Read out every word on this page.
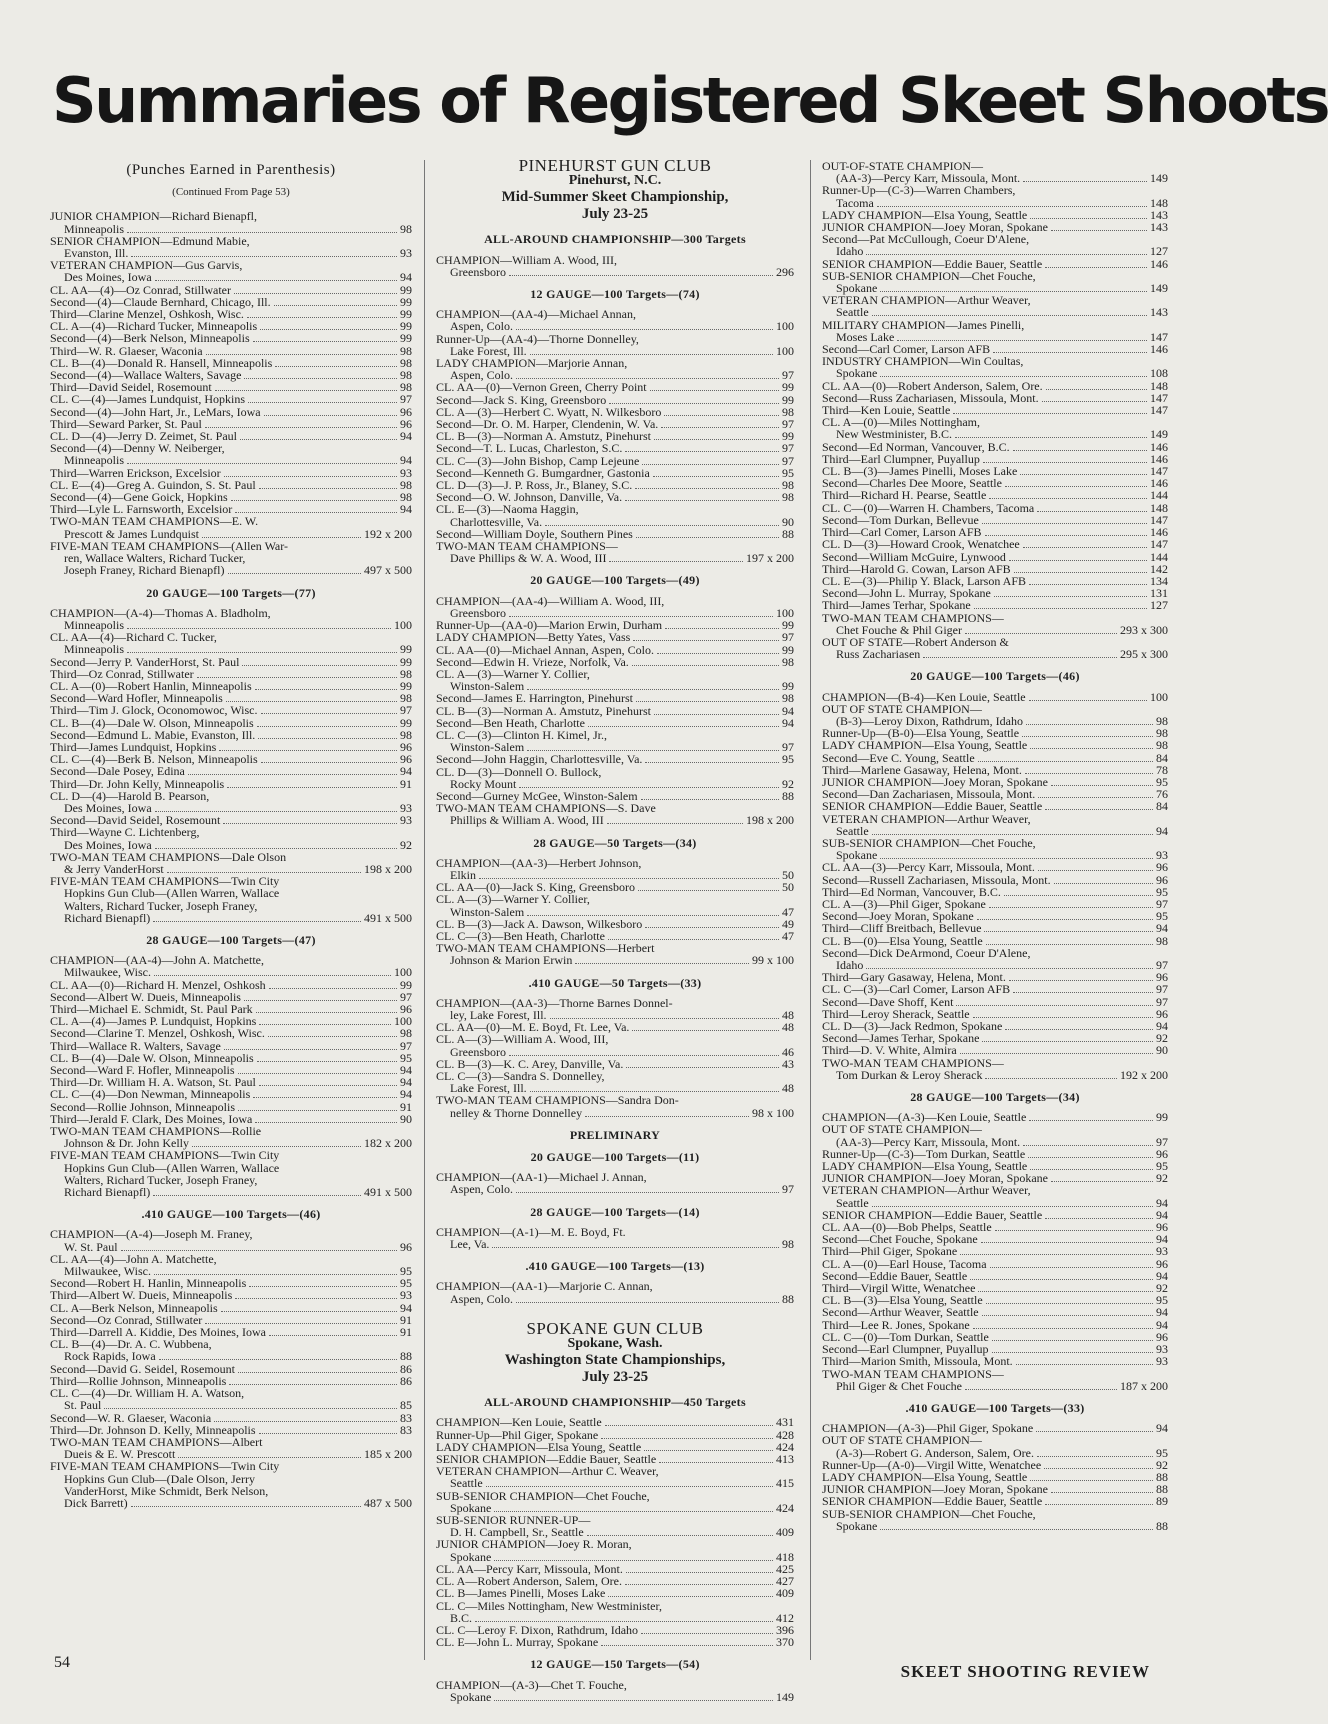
Summaries of Registered Skeet Shoots
(Punches Earned in Parenthesis)
(Continued From Page 53)
JUNIOR CHAMPION—Richard Bienapfl,
Minneapolis	98
SENIOR CHAMPION—Edmund Mabie,
Evanston, Ill.	93
VETERAN CHAMPION—Gus Garvis,
Des Moines, Iowa	94
CL. AA—(4)—Oz Conrad, Stillwater	99
Second—(4)—Claude Bernhard, Chicago, Ill.	99
Third—Clarine Menzel, Oshkosh, Wisc.	99
CL. A—(4)—Richard Tucker, Minneapolis	99
Second—(4)—Berk Nelson, Minneapolis	99
Third—W. R. Glaeser, Waconia	98
CL. B—(4)—Donald R. Hansell, Minneapolis	98
Second—(4)—Wallace Walters, Savage	98
Third—David Seidel, Rosemount	98
CL. C—(4)—James Lundquist, Hopkins	97
Second—(4)—John Hart, Jr., LeMars, Iowa	96
Third—Seward Parker, St. Paul	96
CL. D—(4)—Jerry D. Zeimet, St. Paul	94
Second—(4)—Denny W. Neiberger,
Minneapolis	94
Third—Warren Erickson, Excelsior	93
CL. E—(4)—Greg A. Guindon, S. St. Paul	98
Second—(4)—Gene Goick, Hopkins	98
Third—Lyle L. Farnsworth, Excelsior	94
TWO-MAN TEAM CHAMPIONS—E. W.
Prescott & James Lundquist	192 x 200
FIVE-MAN TEAM CHAMPIONS—(Allen War-
ren, Wallace Walters, Richard Tucker,
Joseph Franey, Richard Bienapfl)	497 x 500
20 GAUGE—100 Targets—(77)
CHAMPION—(A-4)—Thomas A. Bladholm,
Minneapolis	100
CL. AA—(4)—Richard C. Tucker,
Minneapolis	99
Second—Jerry P. VanderHorst, St. Paul	99
Third—Oz Conrad, Stillwater	98
CL. A—(0)—Robert Hanlin, Minneapolis	99
Second—Ward Hofler, Minneapolis	98
Third—Tim J. Glock, Oconomowoc, Wisc.	97
CL. B—(4)—Dale W. Olson, Minneapolis	99
Second—Edmund L. Mabie, Evanston, Ill.	98
Third—James Lundquist, Hopkins	96
CL. C—(4)—Berk B. Nelson, Minneapolis	96
Second—Dale Posey, Edina	94
Third—Dr. John Kelly, Minneapolis	91
CL. D—(4)—Harold B. Pearson,
Des Moines, Iowa	93
Second—David Seidel, Rosemount	93
Third—Wayne C. Lichtenberg,
Des Moines, Iowa	92
TWO-MAN TEAM CHAMPIONS—Dale Olson
& Jerry VanderHorst	198 x 200
FIVE-MAN TEAM CHAMPIONS—Twin City
Hopkins Gun Club—(Allen Warren, Wallace
Walters, Richard Tucker, Joseph Franey,
Richard Bienapfl)	491 x 500
28 GAUGE—100 Targets—(47)
CHAMPION—(AA-4)—John A. Matchette,
Milwaukee, Wisc.	100
CL. AA—(0)—Richard H. Menzel, Oshkosh	99
Second—Albert W. Dueis, Minneapolis	97
Third—Michael E. Schmidt, St. Paul Park	96
CL. A—(4)—James P. Lundquist, Hopkins	100
Second—Clarine T. Menzel, Oshkosh, Wisc.	98
Third—Wallace R. Walters, Savage	97
CL. B—(4)—Dale W. Olson, Minneapolis	95
Second—Ward F. Hofler, Minneapolis	94
Third—Dr. William H. A. Watson, St. Paul	94
CL. C—(4)—Don Newman, Minneapolis	94
Second—Rollie Johnson, Minneapolis	91
Third—Jerald F. Clark, Des Moines, Iowa	90
TWO-MAN TEAM CHAMPIONS—Rollie
Johnson & Dr. John Kelly	182 x 200
FIVE-MAN TEAM CHAMPIONS—Twin City
Hopkins Gun Club—(Allen Warren, Wallace
Walters, Richard Tucker, Joseph Franey,
Richard Bienapfl)	491 x 500
.410 GAUGE—100 Targets—(46)
CHAMPION—(A-4)—Joseph M. Franey,
W. St. Paul	96
CL. AA—(4)—John A. Matchette,
Milwaukee, Wisc.	95
Second—Robert H. Hanlin, Minneapolis	95
Third—Albert W. Dueis, Minneapolis	93
CL. A—Berk Nelson, Minneapolis	94
Second—Oz Conrad, Stillwater	91
Third—Darrell A. Kiddie, Des Moines, Iowa	91
CL. B—(4)—Dr. A. C. Wubbena,
Rock Rapids, Iowa	88
Second—David G. Seidel, Rosemount	86
Third—Rollie Johnson, Minneapolis	86
CL. C—(4)—Dr. William H. A. Watson,
St. Paul	85
Second—W. R. Glaeser, Waconia	83
Third—Dr. Johnson D. Kelly, Minneapolis	83
TWO-MAN TEAM CHAMPIONS—Albert
Dueis & E. W. Prescott	185 x 200
FIVE-MAN TEAM CHAMPIONS—Twin City
Hopkins Gun Club—(Dale Olson, Jerry
VanderHorst, Mike Schmidt, Berk Nelson,
Dick Barrett)	487 x 500
PINEHURST GUN CLUB
Pinehurst, N.C.
Mid-Summer Skeet Championship,
July 23-25
ALL-AROUND CHAMPIONSHIP—300 Targets
CHAMPION—William A. Wood, III,
Greensboro	296
12 GAUGE—100 Targets—(74)
CHAMPION—(AA-4)—Michael Annan,
Aspen, Colo.	100
Runner-Up—(AA-4)—Thorne Donnelley,
Lake Forest, Ill.	100
LADY CHAMPION—Marjorie Annan,
Aspen, Colo.	97
CL. AA—(0)—Vernon Green, Cherry Point	99
Second—Jack S. King, Greensboro	99
CL. A—(3)—Herbert C. Wyatt, N. Wilkesboro	98
Second—Dr. O. M. Harper, Clendenin, W. Va.	97
CL. B—(3)—Norman A. Amstutz, Pinehurst	99
Second—T. L. Lucas, Charleston, S.C.	97
CL. C—(3)—John Bishop, Camp Lejeune	97
Second—Kenneth G. Bumgardner, Gastonia	95
CL. D—(3)—J. P. Ross, Jr., Blaney, S.C.	98
Second—O. W. Johnson, Danville, Va.	98
CL. E—(3)—Naoma Haggin,
Charlottesville, Va.	90
Second—William Doyle, Southern Pines	88
TWO-MAN TEAM CHAMPIONS—
Dave Phillips & W. A. Wood, III	197 x 200
20 GAUGE—100 Targets—(49)
CHAMPION—(AA-4)—William A. Wood, III,
Greensboro	100
Runner-Up—(AA-0)—Marion Erwin, Durham	99
LADY CHAMPION—Betty Yates, Vass	97
CL. AA—(0)—Michael Annan, Aspen, Colo.	99
Second—Edwin H. Vrieze, Norfolk, Va.	98
CL. A—(3)—Warner Y. Collier,
Winston-Salem	99
Second—James E. Harrington, Pinehurst	98
CL. B—(3)—Norman A. Amstutz, Pinehurst	94
Second—Ben Heath, Charlotte	94
CL. C—(3)—Clinton H. Kimel, Jr.,
Winston-Salem	97
Second—John Haggin, Charlottesville, Va.	95
CL. D—(3)—Donnell O. Bullock,
Rocky Mount	92
Second—Gurney McGee, Winston-Salem	88
TWO-MAN TEAM CHAMPIONS—S. Dave
Phillips & William A. Wood, III	198 x 200
28 GAUGE—50 Targets—(34)
CHAMPION—(AA-3)—Herbert Johnson,
Elkin	50
CL. AA—(0)—Jack S. King, Greensboro	50
CL. A—(3)—Warner Y. Collier,
Winston-Salem	47
CL. B—(3)—Jack A. Dawson, Wilkesboro	49
CL. C—(3)—Ben Heath, Charlotte	47
TWO-MAN TEAM CHAMPIONS—Herbert
Johnson & Marion Erwin	99 x 100
.410 GAUGE—50 Targets—(33)
CHAMPION—(AA-3)—Thorne Barnes Donnel-
ley, Lake Forest, Ill.	48
CL. AA—(0)—M. E. Boyd, Ft. Lee, Va.	48
CL. A—(3)—William A. Wood, III,
Greensboro	46
CL. B—(3)—K. C. Arey, Danville, Va.	43
CL. C—(3)—Sandra S. Donnelley,
Lake Forest, Ill.	48
TWO-MAN TEAM CHAMPIONS—Sandra Don-
nelley & Thorne Donnelley	98 x 100
PRELIMINARY
20 GAUGE—100 Targets—(11)
CHAMPION—(AA-1)—Michael J. Annan,
Aspen, Colo.	97
28 GAUGE—100 Targets—(14)
CHAMPION—(A-1)—M. E. Boyd, Ft.
Lee, Va.	98
.410 GAUGE—100 Targets—(13)
CHAMPION—(AA-1)—Marjorie C. Annan,
Aspen, Colo.	88
SPOKANE GUN CLUB
Spokane, Wash.
Washington State Championships,
July 23-25
ALL-AROUND CHAMPIONSHIP—450 Targets
CHAMPION—Ken Louie, Seattle	431
Runner-Up—Phil Giger, Spokane	428
LADY CHAMPION—Elsa Young, Seattle	424
SENIOR CHAMPION—Eddie Bauer, Seattle	413
VETERAN CHAMPION—Arthur C. Weaver,
Seattle	415
SUB-SENIOR CHAMPION—Chet Fouche,
Spokane	424
SUB-SENIOR RUNNER-UP—
D. H. Campbell, Sr., Seattle	409
JUNIOR CHAMPION—Joey R. Moran,
Spokane	418
CL. AA—Percy Karr, Missoula, Mont.	425
CL. A—Robert Anderson, Salem, Ore.	427
CL. B—James Pinelli, Moses Lake	409
CL. C—Miles Nottingham, New Westminister,
B.C.	412
CL. C—Leroy F. Dixon, Rathdrum, Idaho	396
CL. E—John L. Murray, Spokane	370
12 GAUGE—150 Targets—(54)
CHAMPION—(A-3)—Chet T. Fouche,
Spokane	149
OUT-OF-STATE CHAMPION—
(AA-3)—Percy Karr, Missoula, Mont.	149
Runner-Up—(C-3)—Warren Chambers,
Tacoma	148
LADY CHAMPION—Elsa Young, Seattle	143
JUNIOR CHAMPION—Joey Moran, Spokane	143
Second—Pat McCullough, Coeur D'Alene,
Idaho	127
SENIOR CHAMPION—Eddie Bauer, Seattle	146
SUB-SENIOR CHAMPION—Chet Fouche,
Spokane	149
VETERAN CHAMPION—Arthur Weaver,
Seattle	143
MILITARY CHAMPION—James Pinelli,
Moses Lake	147
Second—Carl Comer, Larson AFB	146
INDUSTRY CHAMPION—Win Coultas,
Spokane	108
CL. AA—(0)—Robert Anderson, Salem, Ore.	148
Second—Russ Zachariasen, Missoula, Mont.	147
Third—Ken Louie, Seattle	147
CL. A—(0)—Miles Nottingham,
New Westminister, B.C.	149
Second—Ed Norman, Vancouver, B.C.	146
Third—Earl Clumpner, Puyallup	146
CL. B—(3)—James Pinelli, Moses Lake	147
Second—Charles Dee Moore, Seattle	146
Third—Richard H. Pearse, Seattle	144
CL. C—(0)—Warren H. Chambers, Tacoma	148
Second—Tom Durkan, Bellevue	147
Third—Carl Comer, Larson AFB	146
CL. D—(3)—Howard Crook, Wenatchee	147
Second—William McGuire, Lynwood	144
Third—Harold G. Cowan, Larson AFB	142
CL. E—(3)—Philip Y. Black, Larson AFB	134
Second—John L. Murray, Spokane	131
Third—James Terhar, Spokane	127
TWO-MAN TEAM CHAMPIONS—
Chet Fouche & Phil Giger	293 x 300
OUT OF STATE—Robert Anderson &
Russ Zachariasen	295 x 300
20 GAUGE—100 Targets—(46)
CHAMPION—(B-4)—Ken Louie, Seattle	100
OUT OF STATE CHAMPION—
(B-3)—Leroy Dixon, Rathdrum, Idaho	98
Runner-Up—(B-0)—Elsa Young, Seattle	98
LADY CHAMPION—Elsa Young, Seattle	98
Second—Eve C. Young, Seattle	84
Third—Marlene Gasaway, Helena, Mont.	78
JUNIOR CHAMPION—Joey Moran, Spokane	95
Second—Dan Zachariasen, Missoula, Mont.	76
SENIOR CHAMPION—Eddie Bauer, Seattle	84
VETERAN CHAMPION—Arthur Weaver,
Seattle	94
SUB-SENIOR CHAMPION—Chet Fouche,
Spokane	93
CL. AA—(3)—Percy Karr, Missoula, Mont.	96
Second—Russell Zachariasen, Missoula, Mont.	96
Third—Ed Norman, Vancouver, B.C.	95
CL. A—(3)—Phil Giger, Spokane	97
Second—Joey Moran, Spokane	95
Third—Cliff Breitbach, Bellevue	94
CL. B—(0)—Elsa Young, Seattle	98
Second—Dick DeArmond, Coeur D'Alene,
Idaho	97
Third—Gary Gasaway, Helena, Mont.	96
CL. C—(3)—Carl Comer, Larson AFB	97
Second—Dave Shoff, Kent	97
Third—Leroy Sherack, Seattle	96
CL. D—(3)—Jack Redmon, Spokane	94
Second—James Terhar, Spokane	92
Third—D. V. White, Almira	90
TWO-MAN TEAM CHAMPIONS—
Tom Durkan & Leroy Sherack	192 x 200
28 GAUGE—100 Targets—(34)
CHAMPION—(A-3)—Ken Louie, Seattle	99
OUT OF STATE CHAMPION—
(AA-3)—Percy Karr, Missoula, Mont.	97
Runner-Up—(C-3)—Tom Durkan, Seattle	96
LADY CHAMPION—Elsa Young, Seattle	95
JUNIOR CHAMPION—Joey Moran, Spokane	92
VETERAN CHAMPION—Arthur Weaver,
Seattle	94
SENIOR CHAMPION—Eddie Bauer, Seattle	94
CL. AA—(0)—Bob Phelps, Seattle	96
Second—Chet Fouche, Spokane	94
Third—Phil Giger, Spokane	93
CL. A—(0)—Earl House, Tacoma	96
Second—Eddie Bauer, Seattle	94
Third—Virgil Witte, Wenatchee	92
CL. B—(3)—Elsa Young, Seattle	95
Second—Arthur Weaver, Seattle	94
Third—Lee R. Jones, Spokane	94
CL. C—(0)—Tom Durkan, Seattle	96
Second—Earl Clumpner, Puyallup	93
Third—Marion Smith, Missoula, Mont.	93
TWO-MAN TEAM CHAMPIONS—
Phil Giger & Chet Fouche	187 x 200
.410 GAUGE—100 Targets—(33)
CHAMPION—(A-3)—Phil Giger, Spokane	94
OUT OF STATE CHAMPION—
(A-3)—Robert G. Anderson, Salem, Ore.	95
Runner-Up—(A-0)—Virgil Witte, Wenatchee	92
LADY CHAMPION—Elsa Young, Seattle	88
JUNIOR CHAMPION—Joey Moran, Spokane	88
SENIOR CHAMPION—Eddie Bauer, Seattle	89
SUB-SENIOR CHAMPION—Chet Fouche,
Spokane	88
54	SKEET SHOOTING REVIEW
